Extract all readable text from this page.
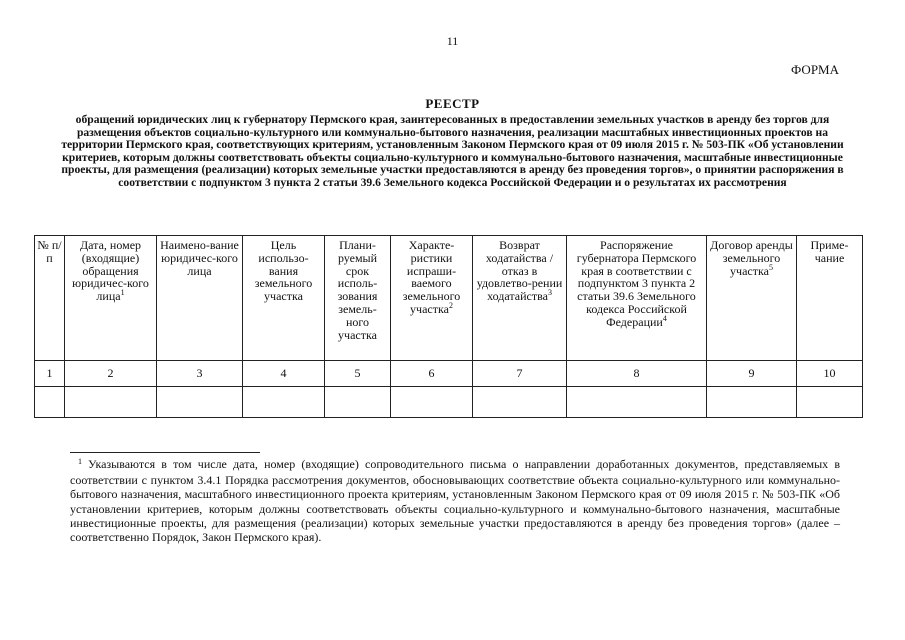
11
ФОРМА
РЕЕСТР
обращений юридических лиц к губернатору Пермского края, заинтересованных в предоставлении земельных участков в аренду без торгов для размещения объектов социально-культурного или коммунально-бытового назначения, реализации масштабных инвестиционных проектов на территории Пермского края, соответствующих критериям, установленным Законом Пермского края от 09 июля 2015 г. № 503-ПК «Об установлении критериев, которым должны соответствовать объекты социально-культурного и коммунально-бытового назначения, масштабные инвестиционные проекты, для размещения (реализации) которых земельные участки предоставляются в аренду без проведения торгов», о принятии распоряжения в соответствии с подпунктом 3 пункта 2 статьи 39.6 Земельного кодекса Российской Федерации и о результатах их рассмотрения
№ п/п	Дата, номер (входящие) обращения юридичес-кого лица$^1$	Наимено-вание юридичес-кого лица	Цель использо-вания земельного участка	Плани-руемый срок исполь-зования земель-ного участка	Характе-ристики испраши-ваемого земельного участка$^2$	Возврат ходатайства / отказ в удовлетво-рении ходатайства$^3$	Распоряжение губернатора Пермского края в соответствии с подпунктом 3 пункта 2 статьи 39.6 Земельного кодекса Российской Федерации$^4$	Договор аренды земельного участка$^5$	Приме-чание
1	2	3	4	5	6	7	8	9	10

$^1$ Указываются в том числе дата, номер (входящие) сопроводительного письма о направлении доработанных документов, представляемых в соответствии с пунктом 3.4.1 Порядка рассмотрения документов, обосновывающих соответствие объекта социально-культурного или коммунально-бытового назначения, масштабного инвестиционного проекта критериям, установленным Законом Пермского края от 09 июля 2015 г. № 503-ПК «Об установлении критериев, которым должны соответствовать объекты социально-культурного и коммунально-бытового назначения, масштабные инвестиционные проекты, для размещения (реализации) которых земельные участки предоставляются в аренду без проведения торгов» (далее – соответственно Порядок, Закон Пермского края).
